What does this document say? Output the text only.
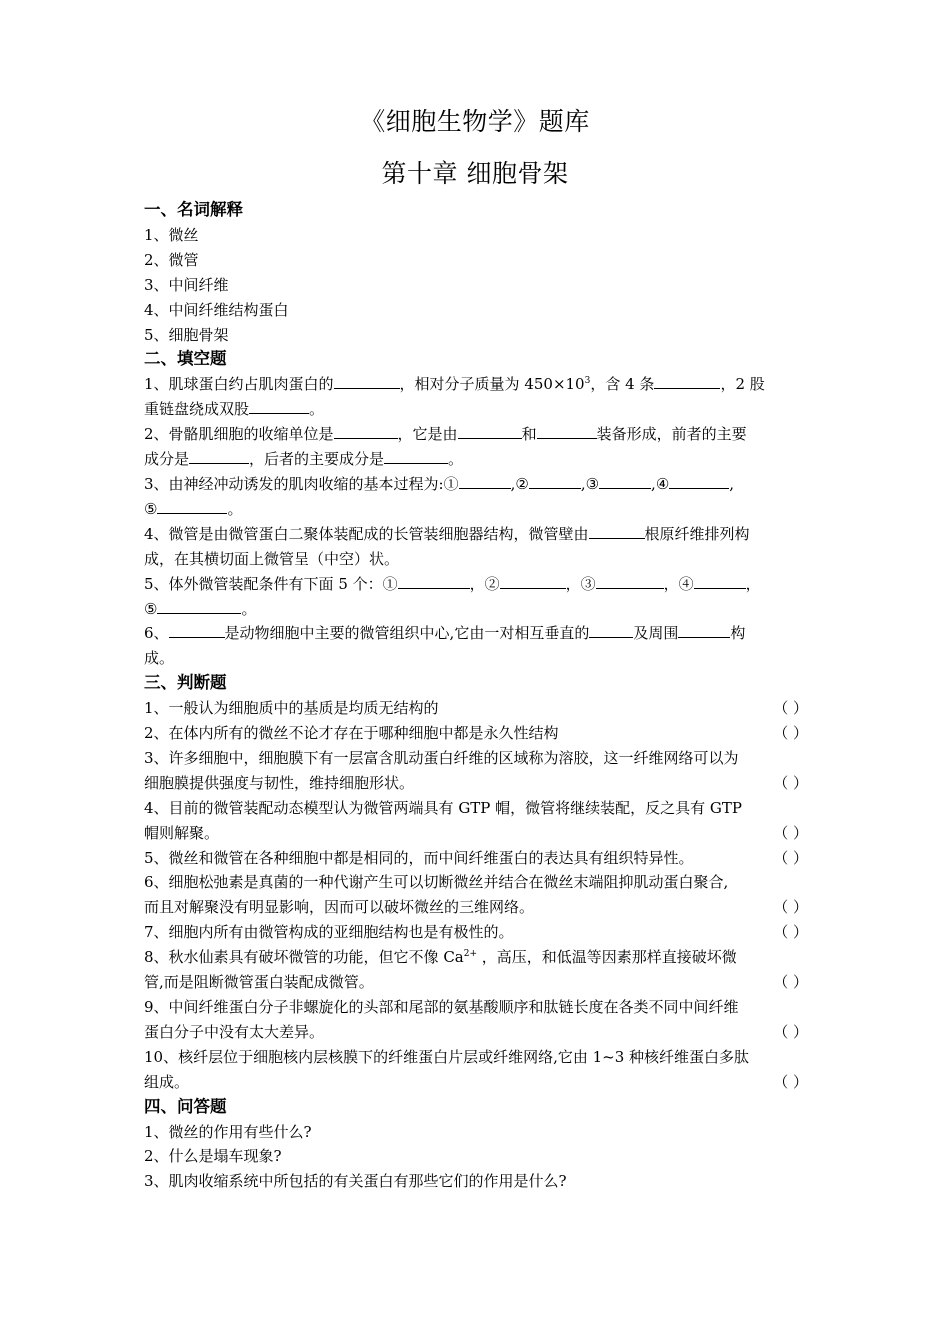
《细胞生物学》题库
第十章 细胞骨架
一、名词解释
1、微丝
2、微管
3、中间纤维
4、中间纤维结构蛋白
5、细胞骨架
二、填空题
1、肌球蛋白约占肌肉蛋白的	，相对分子质量为 $450\times 10^3$，含 4 条	，2 股
重链盘绕成双股	。
2、骨骼肌细胞的收缩单位是	，它是由	和	装备形成，前者的主要
成分是	，后者的主要成分是	。
3、由神经冲动诱发的肌肉收缩的基本过程为:①	,②	,③	,④	,
⑤	。
4、微管是由微管蛋白二聚体装配成的长管装细胞器结构，微管壁由	根原纤维排列构
成，在其横切面上微管呈（中空）状。
5、体外微管装配条件有下面 5 个：①	，②	，③	，④	，
⑤	。
6、	是动物细胞中主要的微管组织中心,它由一对相互垂直的	及周围	构
成。
三、判断题
1、一般认为细胞质中的基质是均质无结构的	（ ）
2、在体内所有的微丝不论才存在于哪种细胞中都是永久性结构	（ ）
3、许多细胞中，细胞膜下有一层富含肌动蛋白纤维的区域称为溶胶，这一纤维网络可以为
细胞膜提供强度与韧性，维持细胞形状。	（ ）
4、目前的微管装配动态模型认为微管两端具有 GTP 帽，微管将继续装配，反之具有 GTP
帽则解聚。	（ ）
5、微丝和微管在各种细胞中都是相同的，而中间纤维蛋白的表达具有组织特异性。	（ ）
6、细胞松弛素是真菌的一种代谢产生可以切断微丝并结合在微丝末端阻抑肌动蛋白聚合,
而且对解聚没有明显影响，因而可以破坏微丝的三维网络。	（ ）
7、细胞内所有由微管构成的亚细胞结构也是有极性的。	（ ）
8、秋水仙素具有破坏微管的功能，但它不像 $Ca^{2+}$ ，高压，和低温等因素那样直接破坏微
管,而是阻断微管蛋白装配成微管。	（ ）
9、中间纤维蛋白分子非螺旋化的头部和尾部的氨基酸顺序和肽链长度在各类不同中间纤维
蛋白分子中没有太大差异。	（ ）
10、核纤层位于细胞核内层核膜下的纤维蛋白片层或纤维网络,它由 1~3 种核纤维蛋白多肽
组成。	（ ）
四、问答题
1、微丝的作用有些什么?
2、什么是塌车现象?
3、肌肉收缩系统中所包括的有关蛋白有那些它们的作用是什么?
